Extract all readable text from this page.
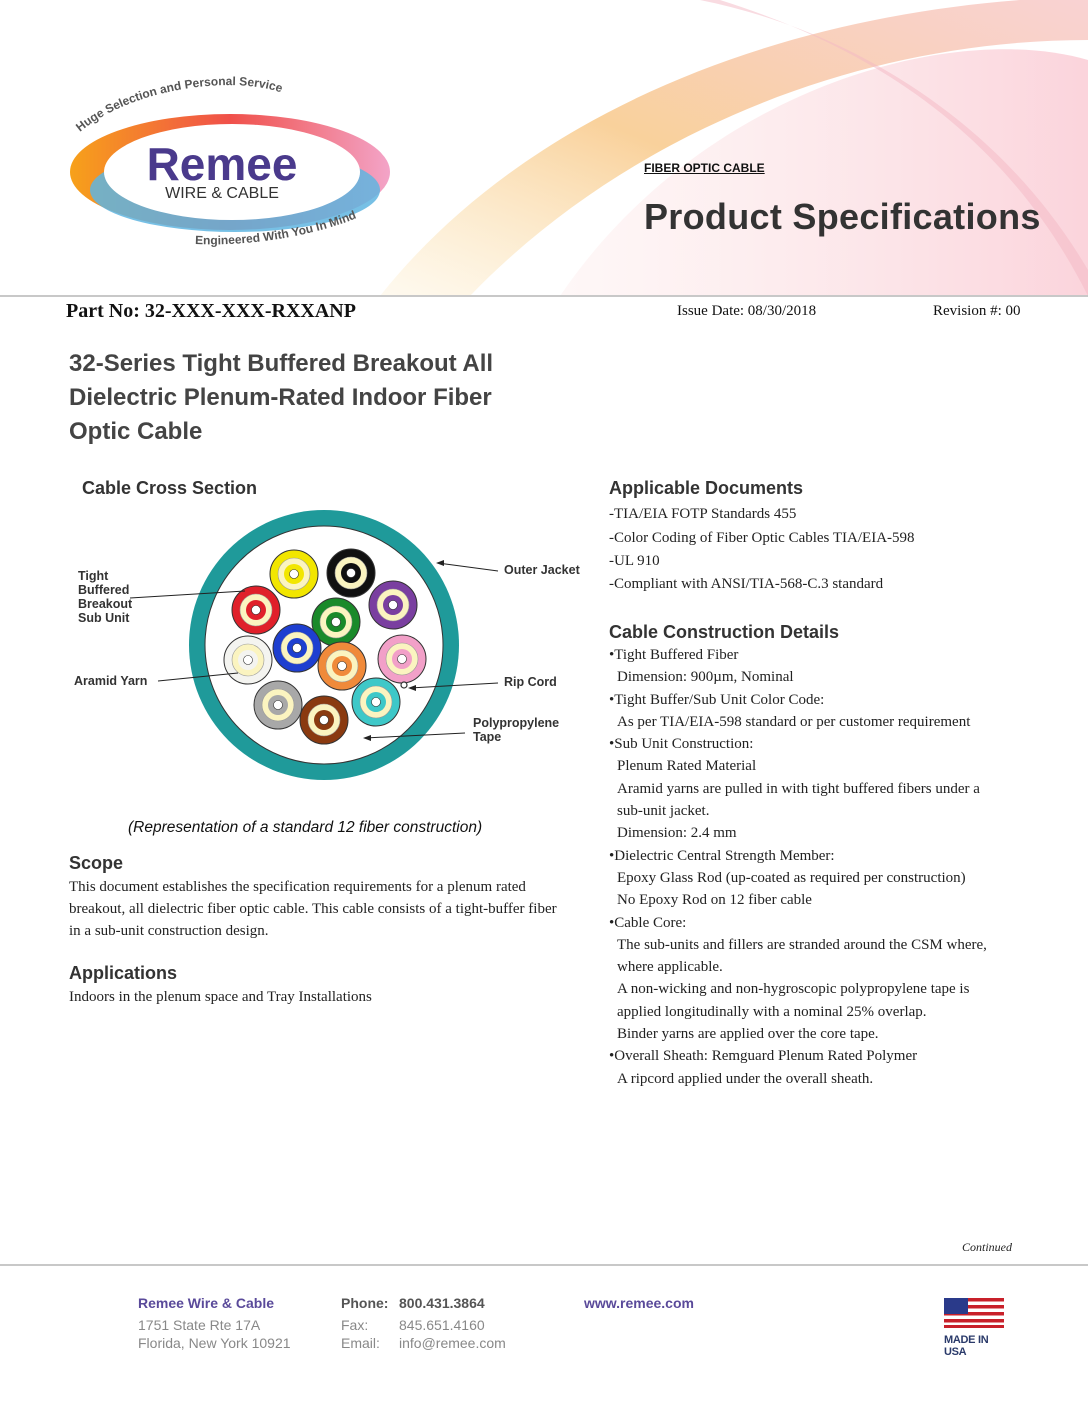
Huge Selection and Personal Service
Remee
WIRE & CABLE
Engineered With You In Mind
FIBER OPTIC CABLE
Product Specifications
Part No: 32-XXX-XXX-RXXANP	Issue Date: 08/30/2018	Revision #: 00
32-Series Tight Buffered Breakout All Dielectric Plenum-Rated Indoor Fiber Optic Cable
Cable Cross Section
Tight
Buffered
Breakout
Sub Unit
Aramid Yarn
Outer Jacket
Rip Cord
Polypropylene
Tape
(Representation of a standard 12 fiber construction)
Scope
This document establishes the specification requirements for a plenum rated breakout, all dielectric fiber optic cable. This cable consists of a tight-buffer fiber in a sub-unit construction design.
Applications
Indoors in the plenum space and Tray Installations
Applicable Documents
-TIA/EIA FOTP Standards 455
-Color Coding of Fiber Optic Cables TIA/EIA-598
-UL 910
-Compliant with ANSI/TIA-568-C.3 standard
Cable Construction Details
•Tight Buffered Fiber
Dimension: 900µm, Nominal
•Tight Buffer/Sub Unit Color Code:
As per TIA/EIA-598 standard or per customer requirement
•Sub Unit Construction:
Plenum Rated Material
Aramid yarns are pulled in with tight buffered fibers under a
sub-unit jacket.
Dimension: 2.4 mm
•Dielectric Central Strength Member:
Epoxy Glass Rod (up-coated as required per construction)
No Epoxy Rod on 12 fiber cable
•Cable Core:
The sub-units and fillers are stranded around the CSM where,
where applicable.
A non-wicking and non-hygroscopic polypropylene tape is
applied longitudinally with a nominal 25% overlap.
Binder yarns are applied over the core tape.
•Overall Sheath: Remguard Plenum Rated Polymer
A ripcord applied under the overall sheath.
Continued
Remee Wire & Cable
1751 State Rte 17A
Florida, New York 10921
Phone: 800.431.3864
Fax: 845.651.4160
Email: info@remee.com
www.remee.com
MADE IN USA
